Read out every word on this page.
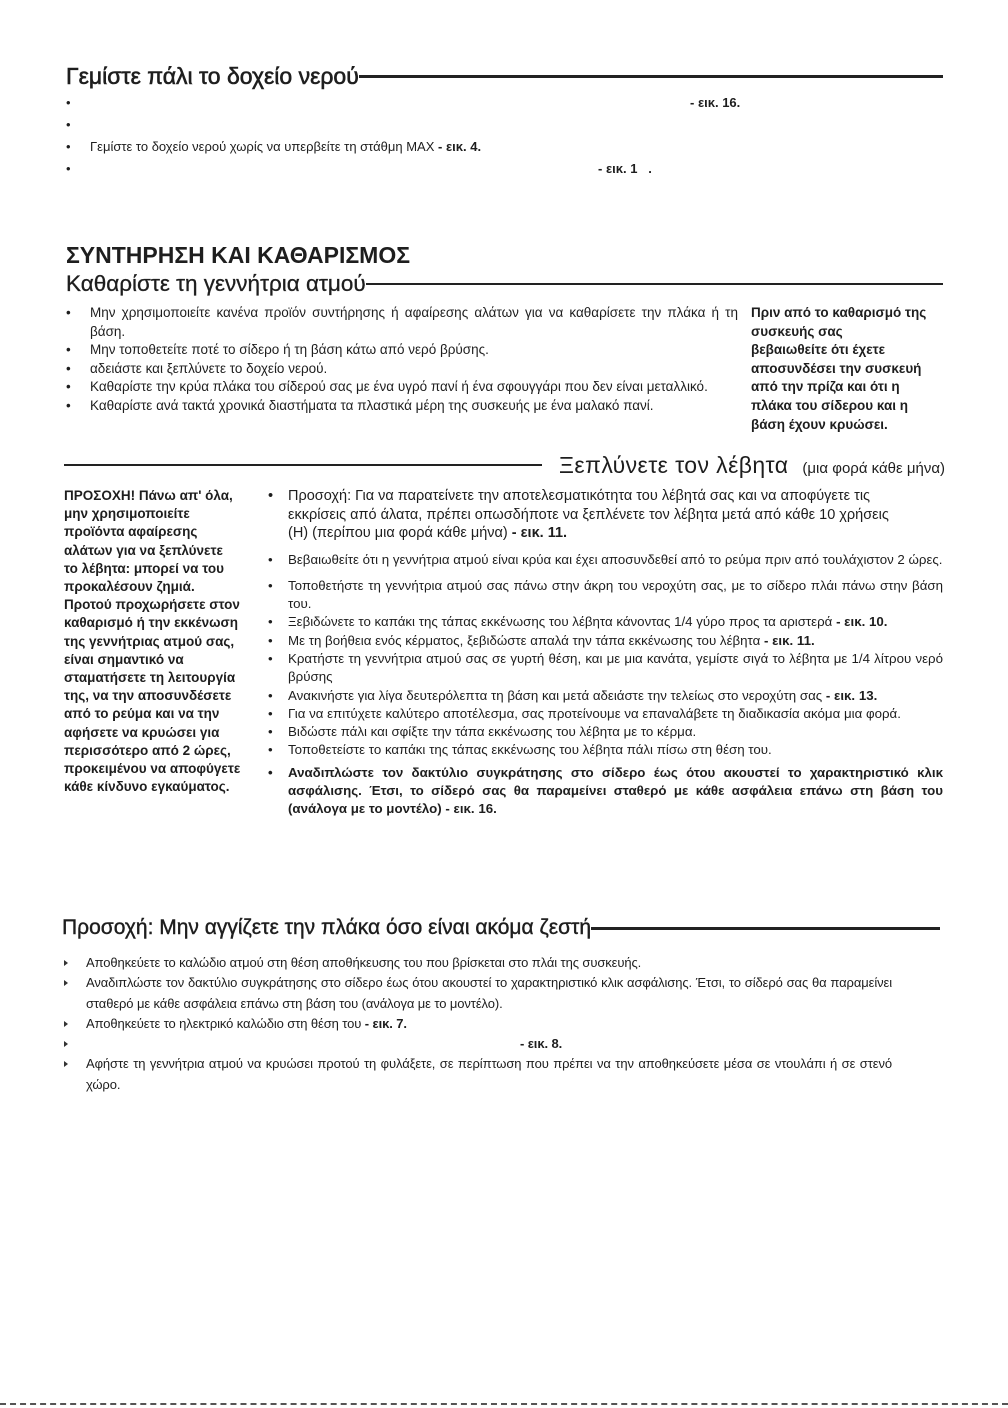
Γεμίστε πάλι το δοχείο νερού
• - εικ. 16.
•
• Γεμίστε το δοχείο νερού χωρίς να υπερβείτε τη στάθμη MAX - εικ. 4.
• - εικ. 1   .
ΣΥΝΤΗΡΗΣΗ ΚΑΙ ΚΑΘΑΡΙΣΜΟΣ
Καθαρίστε τη γεννήτρια ατμού
• Μην χρησιμοποιείτε κανένα προϊόν συντήρησης ή αφαίρεσης αλάτων για να καθαρίσετε την πλάκα ή τη βάση.
• Μην τοποθετείτε ποτέ το σίδερο ή τη βάση κάτω από νερό βρύσης.
• αδειάστε και ξεπλύνετε το δοχείο νερού.
• Καθαρίστε την κρύα πλάκα του σίδερού σας με ένα υγρό πανί ή ένα σφουγγάρι που δεν είναι μεταλλικό.
• Καθαρίστε ανά τακτά χρονικά διαστήματα τα πλαστικά μέρη της συσκευής με ένα μαλακό πανί.
Πριν από το καθαρισμό της
συσκευής σας
βεβαιωθείτε ότι έχετε
αποσυνδέσει την συσκευή
από την πρίζα και ότι η
πλάκα του σίδερου και η
βάση έχουν κρυώσει.
Ξεπλύνετε τον λέβητα (μια φορά κάθε μήνα)
ΠΡΟΣΟΧΗ! Πάνω απ' όλα,
μην χρησιμοποιείτε
προϊόντα αφαίρεσης
αλάτων για να ξεπλύνετε
το λέβητα: μπορεί να του
προκαλέσουν ζημιά.
Προτού προχωρήσετε στον
καθαρισμό ή την εκκένωση
της γεννήτριας ατμού σας,
είναι σημαντικό να
σταματήσετε τη λειτουργία
της, να την αποσυνδέσετε
από το ρεύμα και να την
αφήσετε να κρυώσει για
περισσότερο από 2 ώρες,
προκειμένου να αποφύγετε
κάθε κίνδυνο εγκαύματος.
• Προσοχή: Για να παρατείνετε την αποτελεσματικότητα του λέβητά σας και να αποφύγετε τις εκκρίσεις από άλατα, πρέπει οπωσδήποτε να ξεπλένετε τον λέβητα μετά από κάθε 10 χρήσεις (Η) (περίπου μια φορά κάθε μήνα) - εικ. 11.
• Βεβαιωθείτε ότι η γεννήτρια ατμού είναι κρύα και έχει αποσυνδεθεί από το ρεύμα πριν από τουλάχιστον 2 ώρες.
• Τοποθετήστε τη γεννήτρια ατμού σας πάνω στην άκρη του νεροχύτη σας, με το σίδερο πλάι πάνω στην βάση του.
• Ξεβιδώνετε το καπάκι της τάπας εκκένωσης του λέβητα κάνοντας 1/4 γύρο προς τα αριστερά - εικ. 10.
• Με τη βοήθεια ενός κέρματος, ξεβιδώστε απαλά την τάπα εκκένωσης του λέβητα - εικ. 11.
• Κρατήστε τη γεννήτρια ατμού σας σε γυρτή θέση, και με μια κανάτα, γεμίστε σιγά το λέβητα με 1/4 λίτρου νερό βρύσης
• Ανακινήστε για λίγα δευτερόλεπτα τη βάση και μετά αδειάστε την τελείως στο νεροχύτη σας - εικ. 13.
• Για να επιτύχετε καλύτερο αποτέλεσμα, σας προτείνουμε να επαναλάβετε τη διαδικασία ακόμα μια φορά.
• Βιδώστε πάλι και σφίξτε την τάπα εκκένωσης του λέβητα με το κέρμα.
• Τοποθετείστε το καπάκι της τάπας εκκένωσης του λέβητα πάλι πίσω στη θέση του.
• Αναδιπλώστε τον δακτύλιο συγκράτησης στο σίδερο έως ότου ακουστεί το χαρακτηριστικό κλικ ασφάλισης. Έτσι, το σίδερό σας θα παραμείνει σταθερό με κάθε ασφάλεια επάνω στη βάση του (ανάλογα με το μοντέλο) - εικ. 16.
Προσοχή: Μην αγγίζετε την πλάκα όσο είναι ακόμα ζεστή
Αποθηκεύετε το καλώδιο ατμού στη θέση αποθήκευσης του που βρίσκεται στο πλάι της συσκευής.
Αναδιπλώστε τον δακτύλιο συγκράτησης στο σίδερο έως ότου ακουστεί το χαρακτηριστικό κλικ ασφάλισης. Έτσι, το σίδερό σας θα παραμείνει σταθερό με κάθε ασφάλεια επάνω στη βάση του (ανάλογα με το μοντέλο).
Αποθηκεύετε το ηλεκτρικό καλώδιο στη θέση του - εικ. 7.
- εικ. 8.
Αφήστε τη γεννήτρια ατμού να κρυώσει προτού τη φυλάξετε, σε περίπτωση που πρέπει να την αποθηκεύσετε μέσα σε ντουλάπι ή σε στενό χώρο.
